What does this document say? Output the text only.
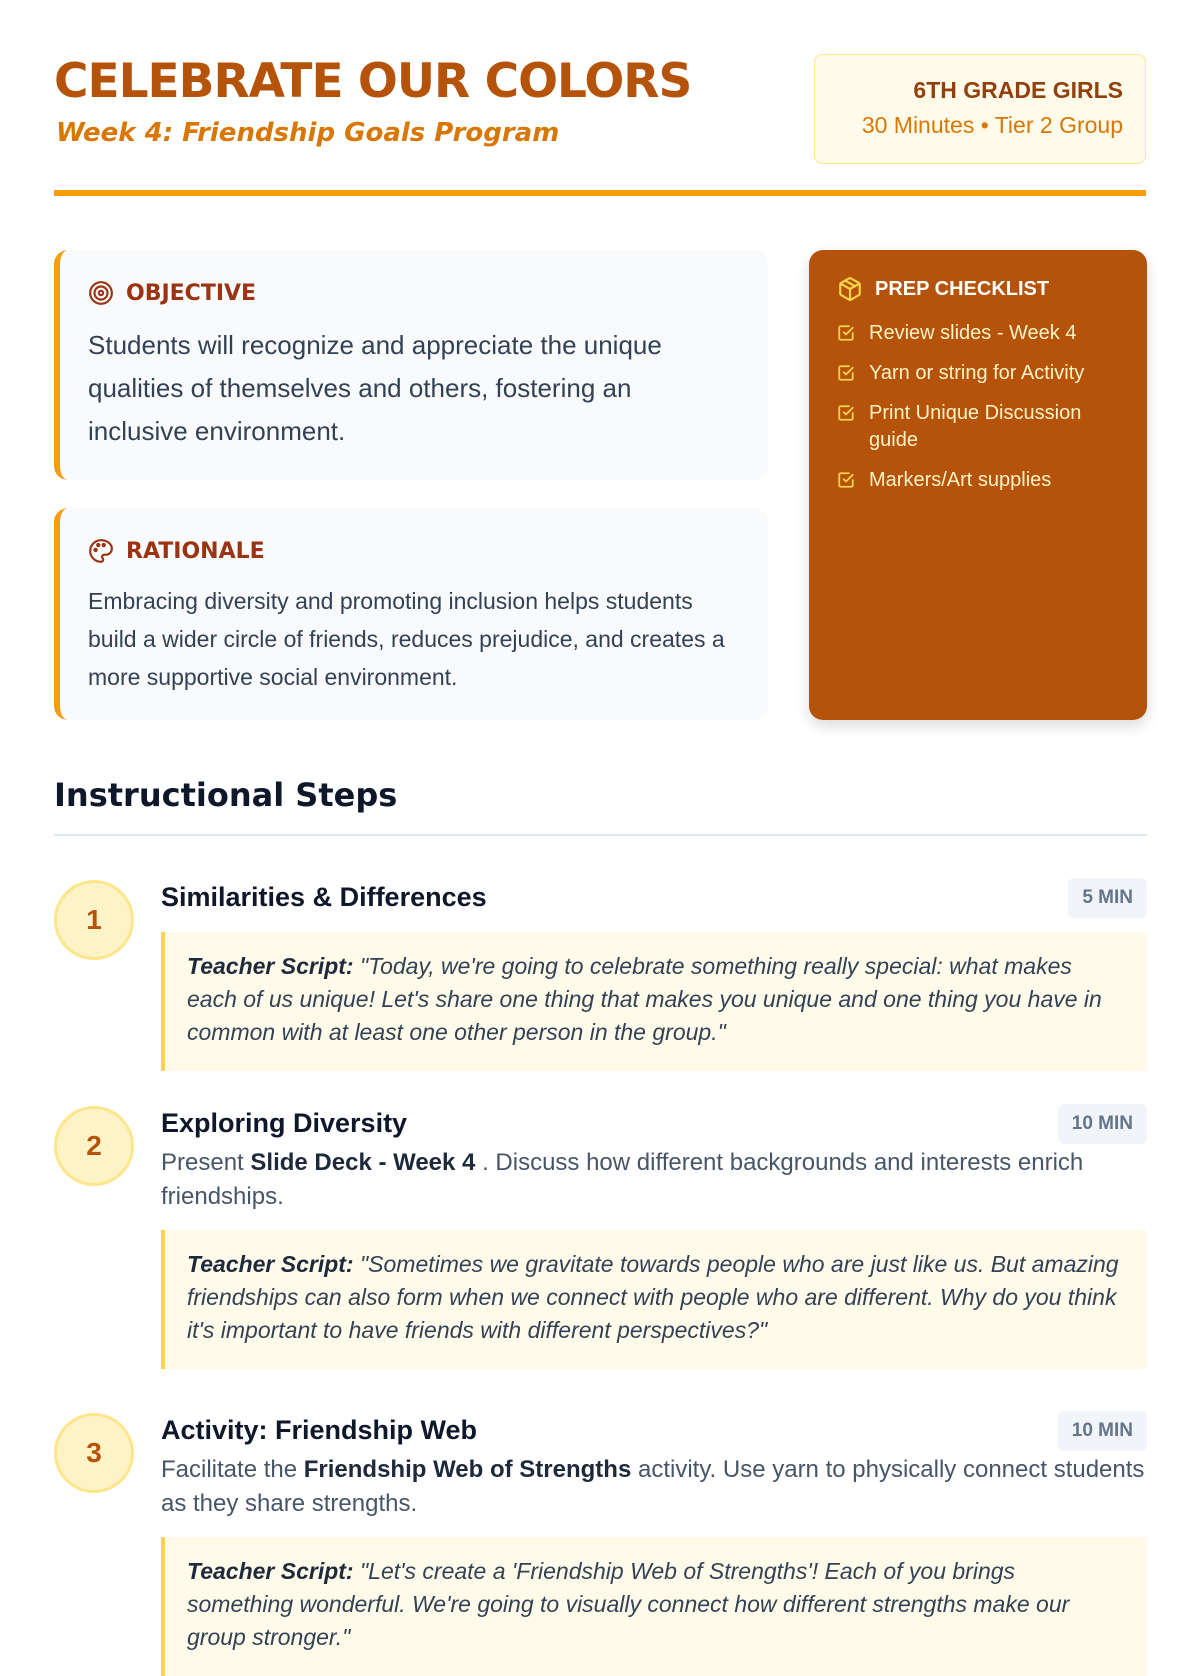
CELEBRATE OUR COLORS
Week 4: Friendship Goals Program
6TH GRADE GIRLS
30 Minutes • Tier 2 Group
OBJECTIVE

Students will recognize and appreciate the unique qualities of themselves and others, fostering an inclusive environment.

RATIONALE

Embracing diversity and promoting inclusion helps students build a wider circle of friends, reduces prejudice, and creates a more supportive social environment.

PREP CHECKLIST
Review slides - Week 4
Yarn or string for Activity
Print Unique Discussion guide
Markers/Art supplies
Instructional Steps
1
Similarities & Differences	5 MIN
Teacher Script: "Today, we're going to celebrate something really special: what makes each of us unique! Let's share one thing that makes you unique and one thing you have in common with at least one other person in the group."
2
Exploring Diversity	10 MIN

Present Slide Deck - Week 4 . Discuss how different backgrounds and interests enrich friendships.

Teacher Script: "Sometimes we gravitate towards people who are just like us. But amazing friendships can also form when we connect with people who are different. Why do you think it's important to have friends with different perspectives?"
3
Activity: Friendship Web	10 MIN

Facilitate the Friendship Web of Strengths activity. Use yarn to physically connect students as they share strengths.

Teacher Script: "Let's create a 'Friendship Web of Strengths'! Each of you brings something wonderful. We're going to visually connect how different strengths make our group stronger."
